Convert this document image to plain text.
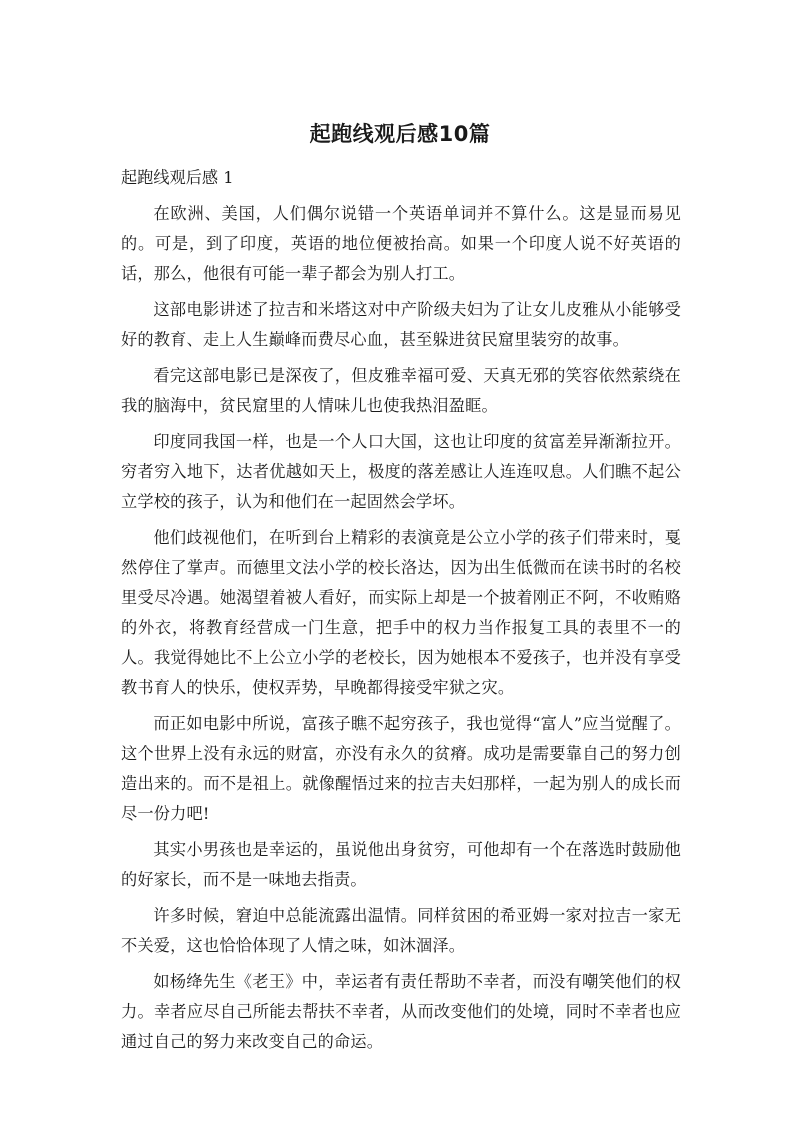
起跑线观后感10篇

起跑线观后感 1

在欧洲、美国，人们偶尔说错一个英语单词并不算什么。这是显而易见的。可是，到了印度，英语的地位便被抬高。如果一个印度人说不好英语的话，那么，他很有可能一辈子都会为别人打工。

这部电影讲述了拉吉和米塔这对中产阶级夫妇为了让女儿皮雅从小能够受好的教育、走上人生巅峰而费尽心血，甚至躲进贫民窟里装穷的故事。

看完这部电影已是深夜了，但皮雅幸福可爱、天真无邪的笑容依然萦绕在我的脑海中，贫民窟里的人情味儿也使我热泪盈眶。

印度同我国一样，也是一个人口大国，这也让印度的贫富差异渐渐拉开。穷者穷入地下，达者优越如天上，极度的落差感让人连连叹息。人们瞧不起公立学校的孩子，认为和他们在一起固然会学坏。

他们歧视他们，在听到台上精彩的表演竟是公立小学的孩子们带来时，戛然停住了掌声。而德里文法小学的校长洛达，因为出生低微而在读书时的名校里受尽冷遇。她渴望着被人看好，而实际上却是一个披着刚正不阿，不收贿赂的外衣，将教育经营成一门生意，把手中的权力当作报复工具的表里不一的人。我觉得她比不上公立小学的老校长，因为她根本不爱孩子，也并没有享受教书育人的快乐，使权弄势，早晚都得接受牢狱之灾。

而正如电影中所说，富孩子瞧不起穷孩子，我也觉得“富人”应当觉醒了。这个世界上没有永远的财富，亦没有永久的贫瘠。成功是需要靠自己的努力创造出来的。而不是祖上。就像醒悟过来的拉吉夫妇那样，一起为别人的成长而尽一份力吧!

其实小男孩也是幸运的，虽说他出身贫穷，可他却有一个在落选时鼓励他的好家长，而不是一味地去指责。

许多时候，窘迫中总能流露出温情。同样贫困的希亚姆一家对拉吉一家无不关爱，这也恰恰体现了人情之味，如沐涸泽。

如杨绛先生《老王》中，幸运者有责任帮助不幸者，而没有嘲笑他们的权力。幸者应尽自己所能去帮扶不幸者，从而改变他们的处境，同时不幸者也应通过自己的努力来改变自己的命运。
